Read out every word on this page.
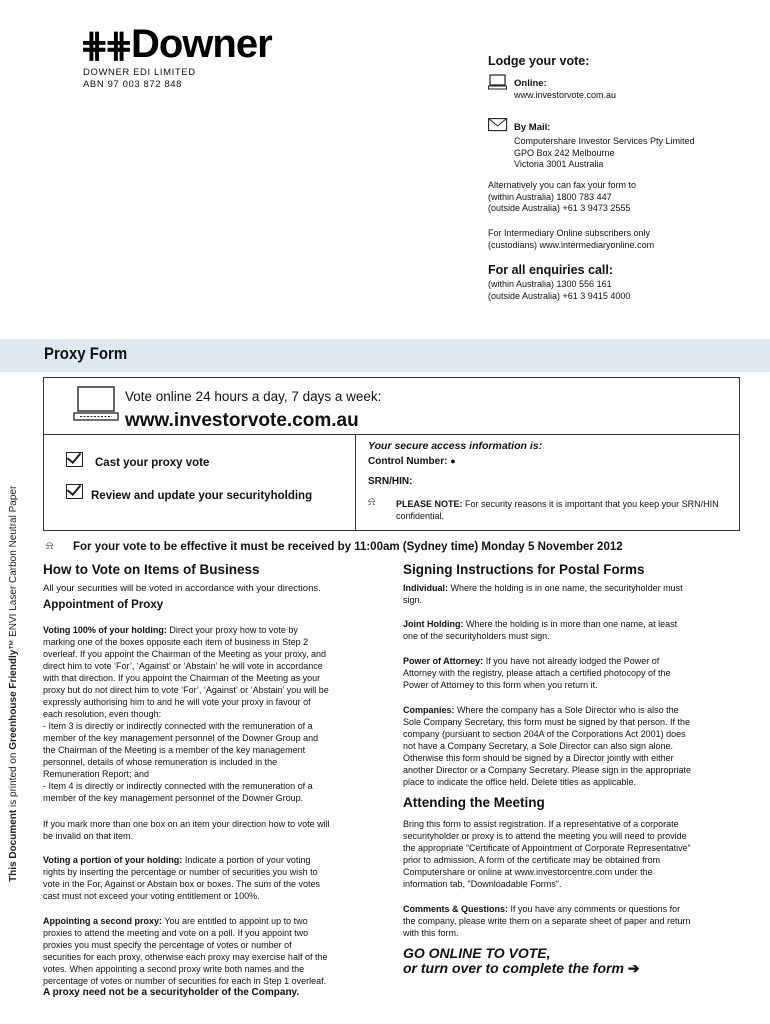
⋕⋕Downer
DOWNER EDI LIMITED
ABN 97 003 872 848
Lodge your vote:
Online:
www.investorvote.com.au
By Mail:
Computershare Investor Services Pty Limited
GPO Box 242 Melbourne
Victoria 3001 Australia
Alternatively you can fax your form to
(within Australia) 1800 783 447
(outside Australia) +61 3 9473 2555
For Intermediary Online subscribers only
(custodians) www.intermediaryonline.com
For all enquiries call:
(within Australia) 1300 556 161
(outside Australia) +61 3 9415 4000
Proxy Form
Vote online 24 hours a day, 7 days a week:
www.investorvote.com.au
Cast your proxy vote
Review and update your securityholding
Your secure access information is:
Control Number: ●
SRN/HIN:
⍾ PLEASE NOTE: For security reasons it is important that you keep your SRN/HIN confidential.
⍾ For your vote to be effective it must be received by 11:00am (Sydney time) Monday 5 November 2012
How to Vote on Items of Business
All your securities will be voted in accordance with your directions.
Appointment of Proxy
Voting 100% of your holding: Direct your proxy how to vote by
marking one of the boxes opposite each item of business in Step 2
overleaf. If you appoint the Chairman of the Meeting as your proxy, and
direct him to vote ‘For’, ‘Against’ or ‘Abstain’ he will vote in accordance
with that direction. If you appoint the Chairman of the Meeting as your
proxy but do not direct him to vote ‘For’, ‘Against’ or ‘Abstain’ you will be
expressly authorising him to and he will vote your proxy in favour of
each resolution, even though:
- Item 3 is directly or indirectly connected with the remuneration of a
member of the key management personnel of the Downer Group and
the Chairman of the Meeting is a member of the key management
personnel, details of whose remuneration is included in the
Remuneration Report; and
- Item 4 is directly or indirectly connected with the remuneration of a
member of the key management personnel of the Downer Group.
If you mark more than one box on an item your direction how to vote will
be invalid on that item.
Voting a portion of your holding: Indicate a portion of your voting
rights by inserting the percentage or number of securities you wish to
vote in the For, Against or Abstain box or boxes. The sum of the votes
cast must not exceed your voting entitlement or 100%.
Appointing a second proxy: You are entitled to appoint up to two
proxies to attend the meeting and vote on a poll. If you appoint two
proxies you must specify the percentage of votes or number of
securities for each proxy, otherwise each proxy may exercise half of the
votes. When appointing a second proxy write both names and the
percentage of votes or number of securities for each in Step 1 overleaf.
A proxy need not be a securityholder of the Company.
Signing Instructions for Postal Forms
Individual: Where the holding is in one name, the securityholder must
sign.
Joint Holding: Where the holding is in more than one name, at least
one of the securityholders must sign.
Power of Attorney: If you have not already lodged the Power of
Attorney with the registry, please attach a certified photocopy of the
Power of Attorney to this form when you return it.
Companies: Where the company has a Sole Director who is also the
Sole Company Secretary, this form must be signed by that person. If the
company (pursuant to section 204A of the Corporations Act 2001) does
not have a Company Secretary, a Sole Director can also sign alone.
Otherwise this form should be signed by a Director jointly with either
another Director or a Company Secretary. Please sign in the appropriate
place to indicate the office held. Delete titles as applicable.
Attending the Meeting
Bring this form to assist registration. If a representative of a corporate
securityholder or proxy is to attend the meeting you will need to provide
the appropriate “Certificate of Appointment of Corporate Representative”
prior to admission. A form of the certificate may be obtained from
Computershare or online at www.investorcentre.com under the
information tab, "Downloadable Forms".
Comments & Questions: If you have any comments or questions for
the company, please write them on a separate sheet of paper and return
with this form.
GO ONLINE TO VOTE,
or turn over to complete the form ➔
This Document is printed on Greenhouse Friendly™ ENVI Laser Carbon Neutral Paper
